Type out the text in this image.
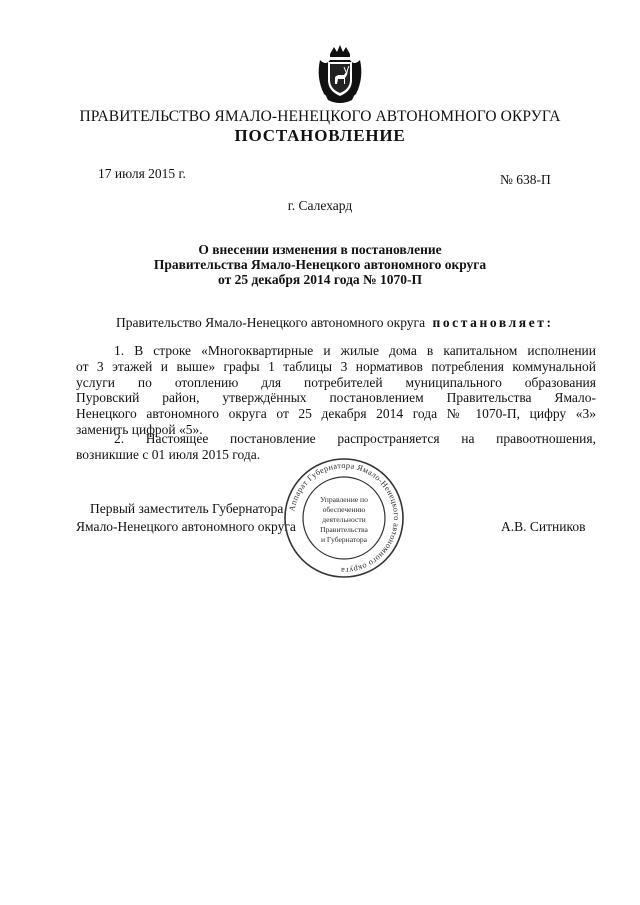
ПРАВИТЕЛЬСТВО ЯМАЛО-НЕНЕЦКОГО АВТОНОМНОГО ОКРУГА
ПОСТАНОВЛЕНИЕ
17 июля 2015 г.	№ 638-П
г. Салехард
О внесении изменения в постановление
Правительства Ямало-Ненецкого автономного округа
от 25 декабря 2014 года № 1070-П
Правительство Ямало-Ненецкого автономного округа постановляет:
1. В строке «Многоквартирные и жилые дома в капитальном исполнении
от 3 этажей и выше» графы 1 таблицы 3 нормативов потребления коммунальной
услуги по отоплению для потребителей муниципального образования
Пуровский район, утверждённых постановлением Правительства Ямало-
Ненецкого автономного округа от 25 декабря 2014 года № 1070-П, цифру «3»
заменить цифрой «5».
2. Настоящее постановление распространяется на правоотношения,
возникшие с 01 июля 2015 года.
Первый заместитель Губернатора
Ямало-Ненецкого автономного округа	А.В. Ситников
Аппарат Губернатора Ямало-Ненецкого автономного округа
Управление по
обеспечению
деятельности
Правительства
и Губернатора
